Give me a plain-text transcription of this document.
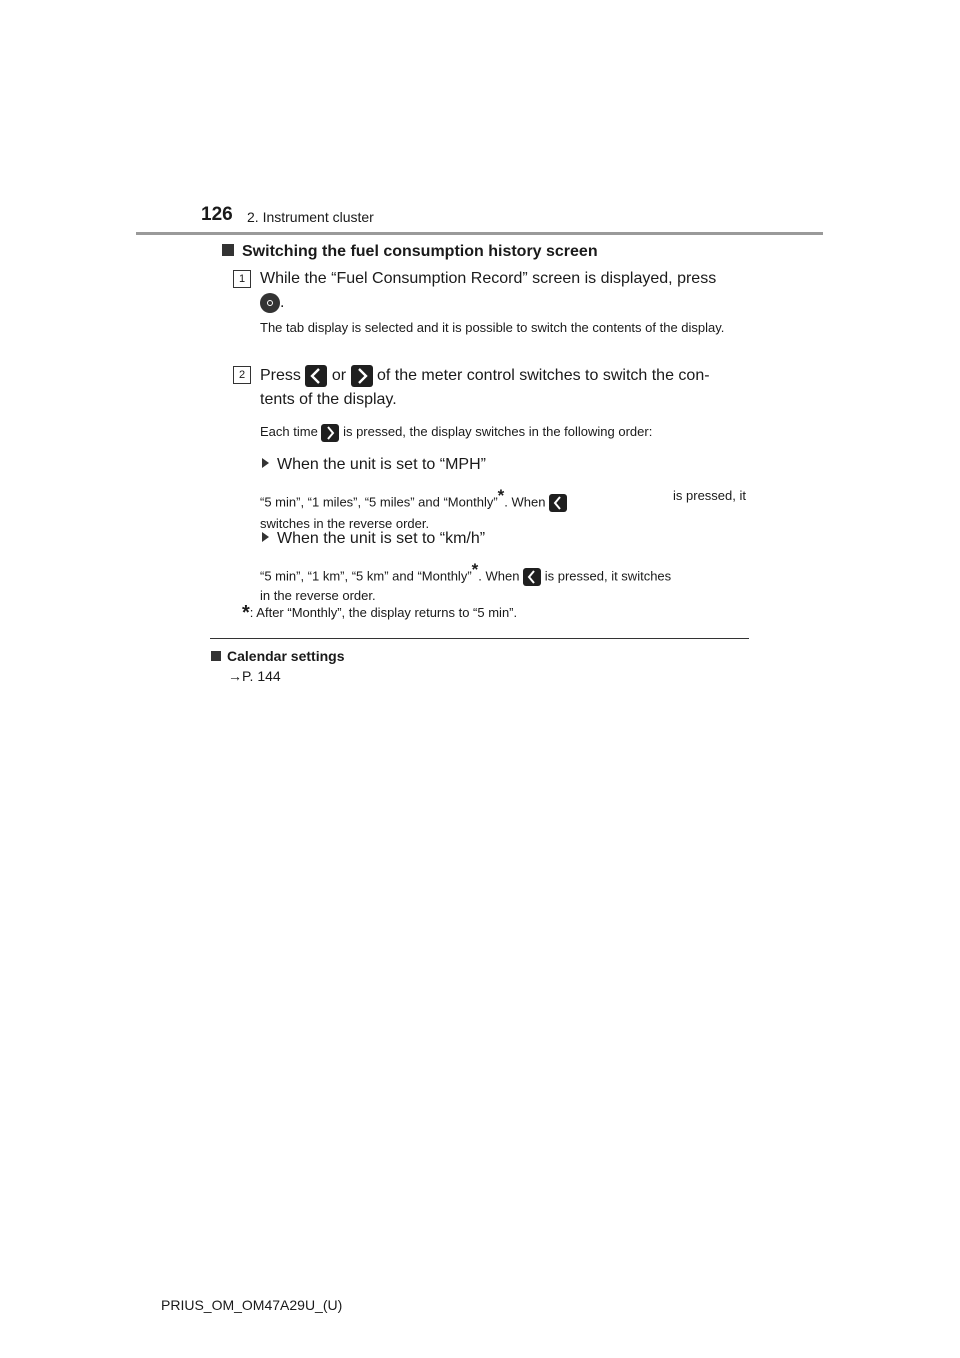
126 2. Instrument cluster
Switching the fuel consumption history screen
1 While the “Fuel Consumption Record” screen is displayed, press
.
The tab display is selected and it is possible to switch the contents of the display.
2 Press or of the meter control switches to switch the con-
tents of the display.
Each time is pressed, the display switches in the following order:
When the unit is set to “MPH”
“5 min”, “1 miles”, “5 miles” and “Monthly”*. When	is pressed, it

switches in the reverse order.
When the unit is set to “km/h”
“5 min”, “1 km”, “5 km” and “Monthly”*. When is pressed, it switches
in the reverse order.
*: After “Monthly”, the display returns to “5 min”.
Calendar settings
→P. 144
PRIUS_OM_OM47A29U_(U)
